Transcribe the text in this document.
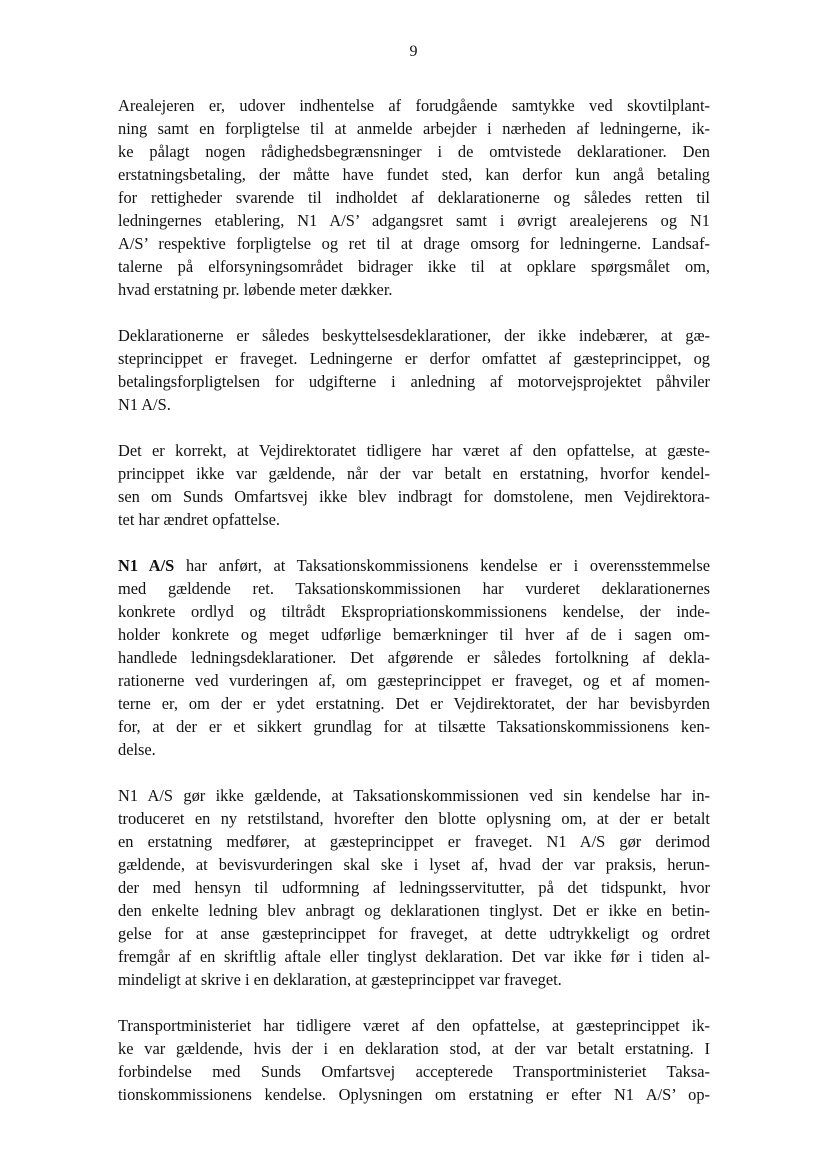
9

Arealejeren er, udover indhentelse af forudgående samtykke ved skovtilplant-
ning samt en forpligtelse til at anmelde arbejder i nærheden af ledningerne, ik-
ke pålagt nogen rådighedsbegrænsninger i de omtvistede deklarationer. Den
erstatningsbetaling, der måtte have fundet sted, kan derfor kun angå betaling
for rettigheder svarende til indholdet af deklarationerne og således retten til
ledningernes etablering, N1 A/S’ adgangsret samt i øvrigt arealejerens og N1
A/S’ respektive forpligtelse og ret til at drage omsorg for ledningerne. Landsaf-
talerne på elforsyningsområdet bidrager ikke til at opklare spørgsmålet om,
hvad erstatning pr. løbende meter dækker.

Deklarationerne er således beskyttelsesdeklarationer, der ikke indebærer, at gæ-
steprincippet er fraveget. Ledningerne er derfor omfattet af gæsteprincippet, og
betalingsforpligtelsen for udgifterne i anledning af motorvejsprojektet påhviler
N1 A/S.

Det er korrekt, at Vejdirektoratet tidligere har været af den opfattelse, at gæste-
princippet ikke var gældende, når der var betalt en erstatning, hvorfor kendel-
sen om Sunds Omfartsvej ikke blev indbragt for domstolene, men Vejdirektora-
tet har ændret opfattelse.

N1 A/S har anført, at Taksationskommissionens kendelse er i overensstemmelse
med gældende ret. Taksationskommissionen har vurderet deklarationernes
konkrete ordlyd og tiltrådt Ekspropriationskommissionens kendelse, der inde-
holder konkrete og meget udførlige bemærkninger til hver af de i sagen om-
handlede ledningsdeklarationer. Det afgørende er således fortolkning af dekla-
rationerne ved vurderingen af, om gæsteprincippet er fraveget, og et af momen-
terne er, om der er ydet erstatning. Det er Vejdirektoratet, der har bevisbyrden
for, at der er et sikkert grundlag for at tilsætte Taksationskommissionens ken-
delse.

N1 A/S gør ikke gældende, at Taksationskommissionen ved sin kendelse har in-
troduceret en ny retstilstand, hvorefter den blotte oplysning om, at der er betalt
en erstatning medfører, at gæsteprincippet er fraveget. N1 A/S gør derimod
gældende, at bevisvurderingen skal ske i lyset af, hvad der var praksis, herun-
der med hensyn til udformning af ledningsservitutter, på det tidspunkt, hvor
den enkelte ledning blev anbragt og deklarationen tinglyst. Det er ikke en betin-
gelse for at anse gæsteprincippet for fraveget, at dette udtrykkeligt og ordret
fremgår af en skriftlig aftale eller tinglyst deklaration. Det var ikke før i tiden al-
mindeligt at skrive i en deklaration, at gæsteprincippet var fraveget.

Transportministeriet har tidligere været af den opfattelse, at gæsteprincippet ik-
ke var gældende, hvis der i en deklaration stod, at der var betalt erstatning. I
forbindelse med Sunds Omfartsvej accepterede Transportministeriet Taksa-
tionskommissionens kendelse. Oplysningen om erstatning er efter N1 A/S’ op-
